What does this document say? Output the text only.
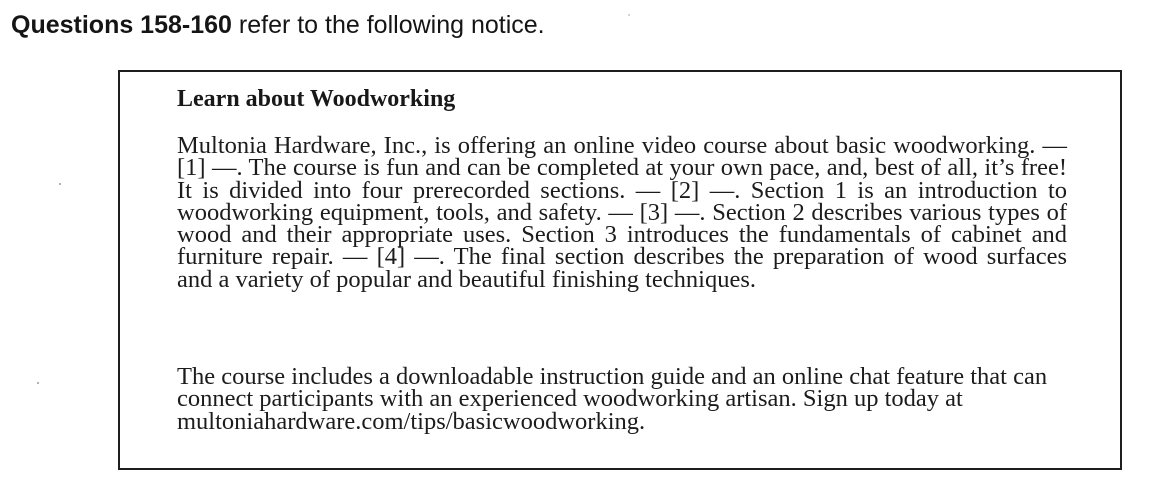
Questions 158-160 refer to the following notice.
Learn about Woodworking

Multonia Hardware, Inc., is offering an online video course about basic woodworking. — [1] —. The course is fun and can be completed at your own pace, and, best of all, it’s free! It is divided into four prerecorded sections. — [2] —. Section 1 is an introduction to woodworking equipment, tools, and safety. — [3] —. Section 2 describes various types of wood and their appropriate uses. Section 3 introduces the fundamentals of cabinet and furniture repair. — [4] —. The final section describes the preparation of wood surfaces and a variety of popular and beautiful finishing techniques.

The course includes a downloadable instruction guide and an online chat feature that can connect participants with an experienced woodworking artisan. Sign up today at multoniahardware.com/tips/basicwoodworking.
